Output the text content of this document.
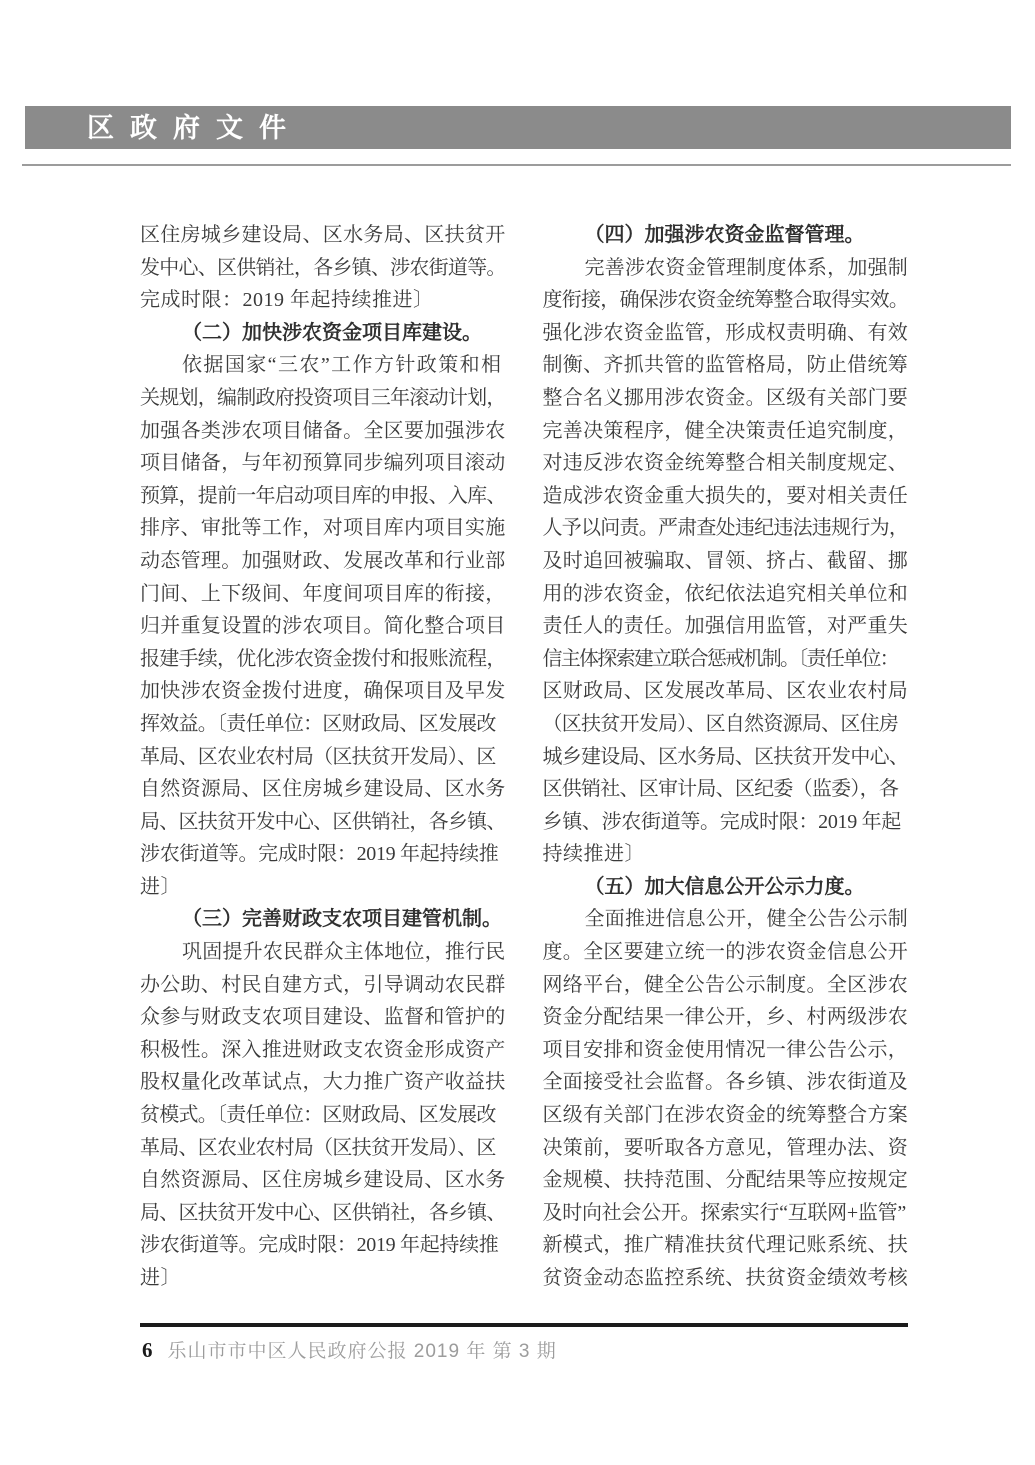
区政府文件
区住房城乡建设局、区水务局、区扶贫开
发中心、区供销社，各乡镇、涉农街道等。
完成时限：2019 年起持续推进〕
（二）加快涉农资金项目库建设。
依据国家“三农”工作方针政策和相
关规划，编制政府投资项目三年滚动计划，
加强各类涉农项目储备。全区要加强涉农
项目储备，与年初预算同步编列项目滚动
预算，提前一年启动项目库的申报、入库、
排序、审批等工作，对项目库内项目实施
动态管理。加强财政、发展改革和行业部
门间、上下级间、年度间项目库的衔接，
归并重复设置的涉农项目。简化整合项目
报建手续，优化涉农资金拨付和报账流程，
加快涉农资金拨付进度，确保项目及早发
挥效益。〔责任单位：区财政局、区发展改
革局、区农业农村局（区扶贫开发局）、区
自然资源局、区住房城乡建设局、区水务
局、区扶贫开发中心、区供销社，各乡镇、
涉农街道等。完成时限：2019 年起持续推
进〕
（三）完善财政支农项目建管机制。
巩固提升农民群众主体地位，推行民
办公助、村民自建方式，引导调动农民群
众参与财政支农项目建设、监督和管护的
积极性。深入推进财政支农资金形成资产
股权量化改革试点，大力推广资产收益扶
贫模式。〔责任单位：区财政局、区发展改
革局、区农业农村局（区扶贫开发局）、区
自然资源局、区住房城乡建设局、区水务
局、区扶贫开发中心、区供销社，各乡镇、
涉农街道等。完成时限：2019 年起持续推
进〕
（四）加强涉农资金监督管理。
完善涉农资金管理制度体系，加强制
度衔接，确保涉农资金统筹整合取得实效。
强化涉农资金监管，形成权责明确、有效
制衡、齐抓共管的监管格局，防止借统筹
整合名义挪用涉农资金。区级有关部门要
完善决策程序，健全决策责任追究制度，
对违反涉农资金统筹整合相关制度规定、
造成涉农资金重大损失的，要对相关责任
人予以问责。严肃查处违纪违法违规行为，
及时追回被骗取、冒领、挤占、截留、挪
用的涉农资金，依纪依法追究相关单位和
责任人的责任。加强信用监管，对严重失
信主体探索建立联合惩戒机制。〔责任单位：
区财政局、区发展改革局、区农业农村局
（区扶贫开发局）、区自然资源局、区住房
城乡建设局、区水务局、区扶贫开发中心、
区供销社、区审计局、区纪委（监委），各
乡镇、涉农街道等。完成时限：2019 年起
持续推进〕
（五）加大信息公开公示力度。
全面推进信息公开，健全公告公示制
度。全区要建立统一的涉农资金信息公开
网络平台，健全公告公示制度。全区涉农
资金分配结果一律公开，乡、村两级涉农
项目安排和资金使用情况一律公告公示，
全面接受社会监督。各乡镇、涉农街道及
区级有关部门在涉农资金的统筹整合方案
决策前，要听取各方意见，管理办法、资
金规模、扶持范围、分配结果等应按规定
及时向社会公开。探索实行“互联网+监管”
新模式，推广精准扶贫代理记账系统、扶
贫资金动态监控系统、扶贫资金绩效考核
6 乐山市市中区人民政府公报 2019 年 第 3 期
